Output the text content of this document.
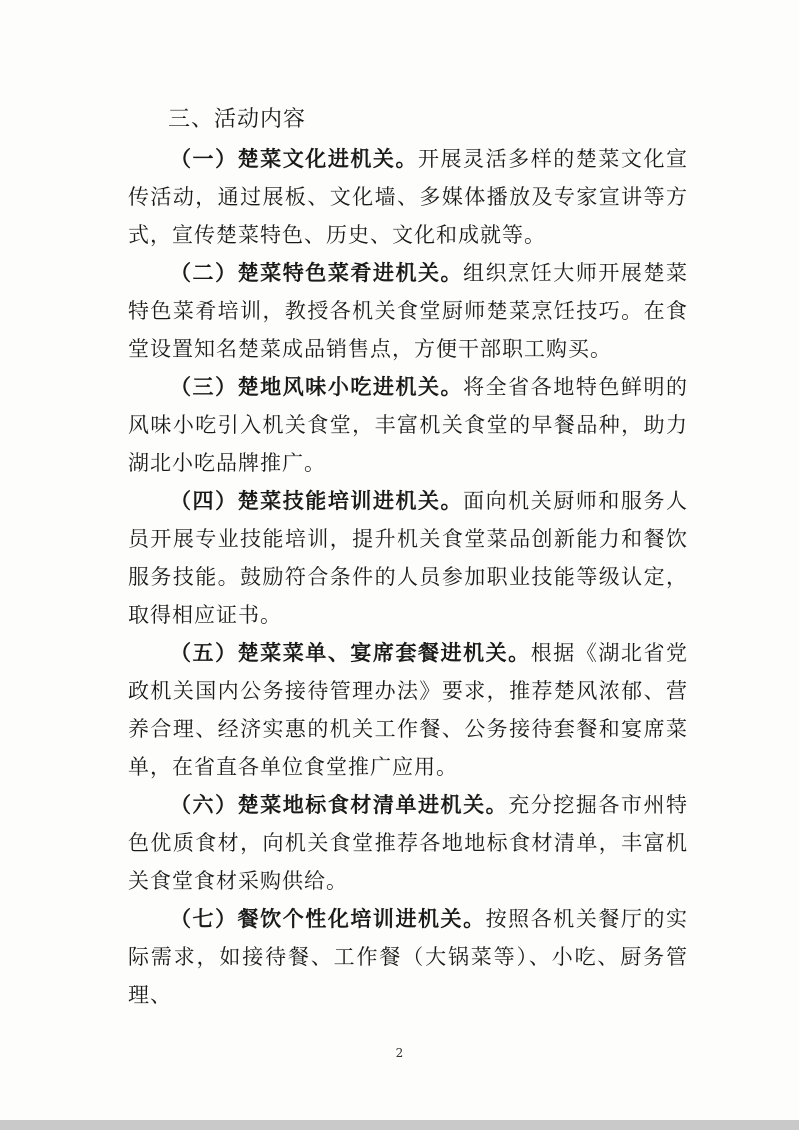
三、活动内容

（一）楚菜文化进机关。开展灵活多样的楚菜文化宣传活动，通过展板、文化墙、多媒体播放及专家宣讲等方式，宣传楚菜特色、历史、文化和成就等。

（二）楚菜特色菜肴进机关。组织烹饪大师开展楚菜特色菜肴培训，教授各机关食堂厨师楚菜烹饪技巧。在食堂设置知名楚菜成品销售点，方便干部职工购买。

（三）楚地风味小吃进机关。将全省各地特色鲜明的风味小吃引入机关食堂，丰富机关食堂的早餐品种，助力湖北小吃品牌推广。

（四）楚菜技能培训进机关。面向机关厨师和服务人员开展专业技能培训，提升机关食堂菜品创新能力和餐饮服务技能。鼓励符合条件的人员参加职业技能等级认定，取得相应证书。

（五）楚菜菜单、宴席套餐进机关。根据《湖北省党政机关国内公务接待管理办法》要求，推荐楚风浓郁、营养合理、经济实惠的机关工作餐、公务接待套餐和宴席菜单，在省直各单位食堂推广应用。

（六）楚菜地标食材清单进机关。充分挖掘各市州特色优质食材，向机关食堂推荐各地地标食材清单，丰富机关食堂食材采购供给。

（七）餐饮个性化培训进机关。按照各机关餐厅的实际需求，如接待餐、工作餐（大锅菜等）、小吃、厨务管理、

2
